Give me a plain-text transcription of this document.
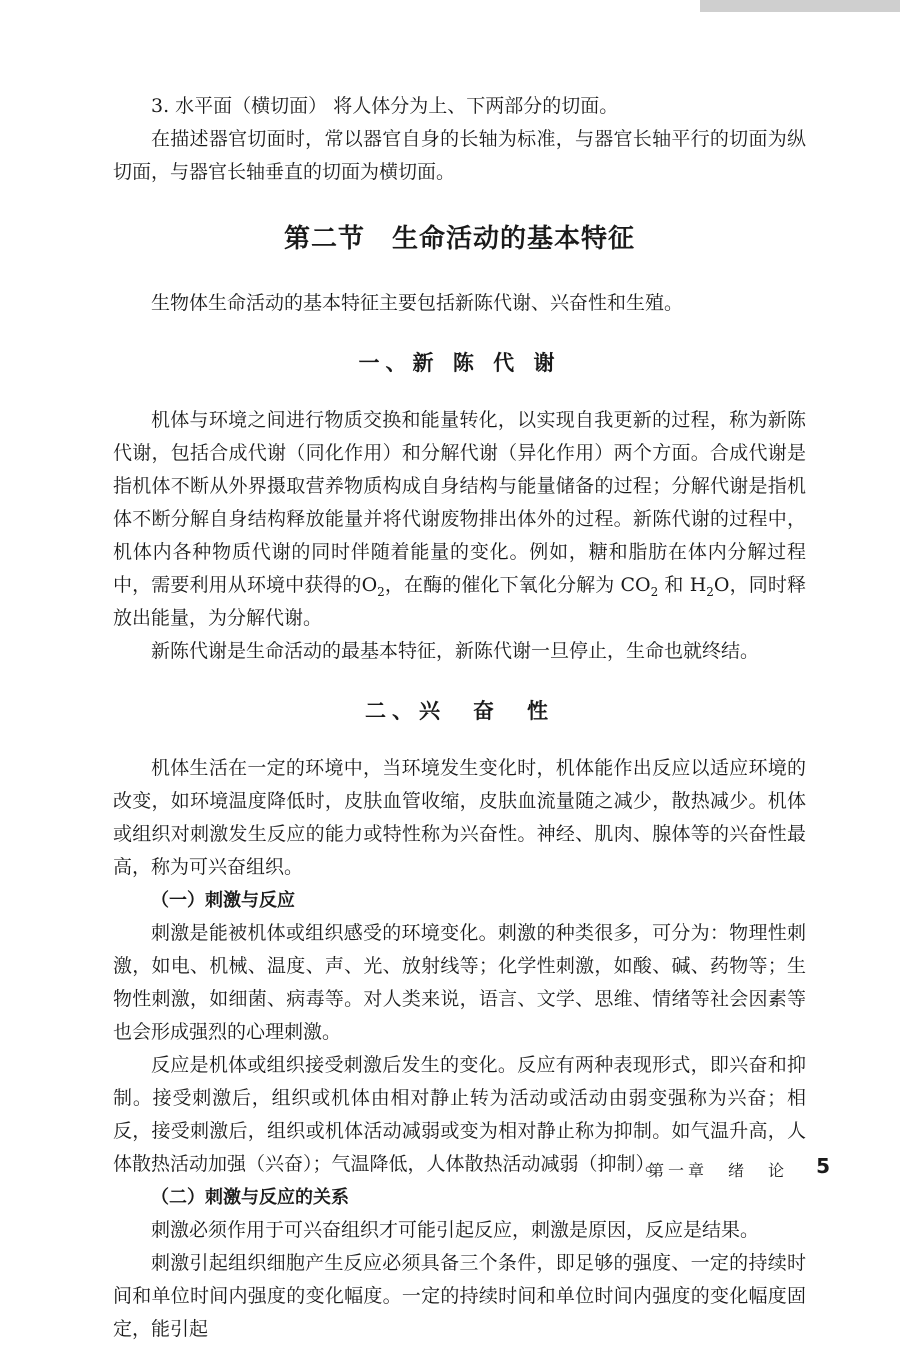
3. 水平面（横切面） 将人体分为上、下两部分的切面。

在描述器官切面时，常以器官自身的长轴为标准，与器官长轴平行的切面为纵切面，与器官长轴垂直的切面为横切面。

第二节　生命活动的基本特征

生物体生命活动的基本特征主要包括新陈代谢、兴奋性和生殖。

一、新 陈 代 谢

机体与环境之间进行物质交换和能量转化，以实现自我更新的过程，称为新陈代谢，包括合成代谢（同化作用）和分解代谢（异化作用）两个方面。合成代谢是指机体不断从外界摄取营养物质构成自身结构与能量储备的过程；分解代谢是指机体不断分解自身结构释放能量并将代谢废物排出体外的过程。新陈代谢的过程中，机体内各种物质代谢的同时伴随着能量的变化。例如，糖和脂肪在体内分解过程中，需要利用从环境中获得的$O_2$，在酶的催化下氧化分解为 $CO_2$ 和 $H_2O$，同时释放出能量，为分解代谢。

新陈代谢是生命活动的最基本特征，新陈代谢一旦停止，生命也就终结。

二、兴　奋　性

机体生活在一定的环境中，当环境发生变化时，机体能作出反应以适应环境的改变，如环境温度降低时，皮肤血管收缩，皮肤血流量随之减少，散热减少。机体或组织对刺激发生反应的能力或特性称为兴奋性。神经、肌肉、腺体等的兴奋性最高，称为可兴奋组织。

（一）刺激与反应

刺激是能被机体或组织感受的环境变化。刺激的种类很多，可分为：物理性刺激，如电、机械、温度、声、光、放射线等；化学性刺激，如酸、碱、药物等；生物性刺激，如细菌、病毒等。对人类来说，语言、文学、思维、情绪等社会因素等也会形成强烈的心理刺激。

反应是机体或组织接受刺激后发生的变化。反应有两种表现形式，即兴奋和抑制。接受刺激后，组织或机体由相对静止转为活动或活动由弱变强称为兴奋；相反，接受刺激后，组织或机体活动减弱或变为相对静止称为抑制。如气温升高，人体散热活动加强（兴奋）；气温降低，人体散热活动减弱（抑制）。

（二）刺激与反应的关系

刺激必须作用于可兴奋组织才可能引起反应，刺激是原因，反应是结果。

刺激引起组织细胞产生反应必须具备三个条件，即足够的强度、一定的持续时间和单位时间内强度的变化幅度。一定的持续时间和单位时间内强度的变化幅度固定，能引起

第一章　绪　论 5
